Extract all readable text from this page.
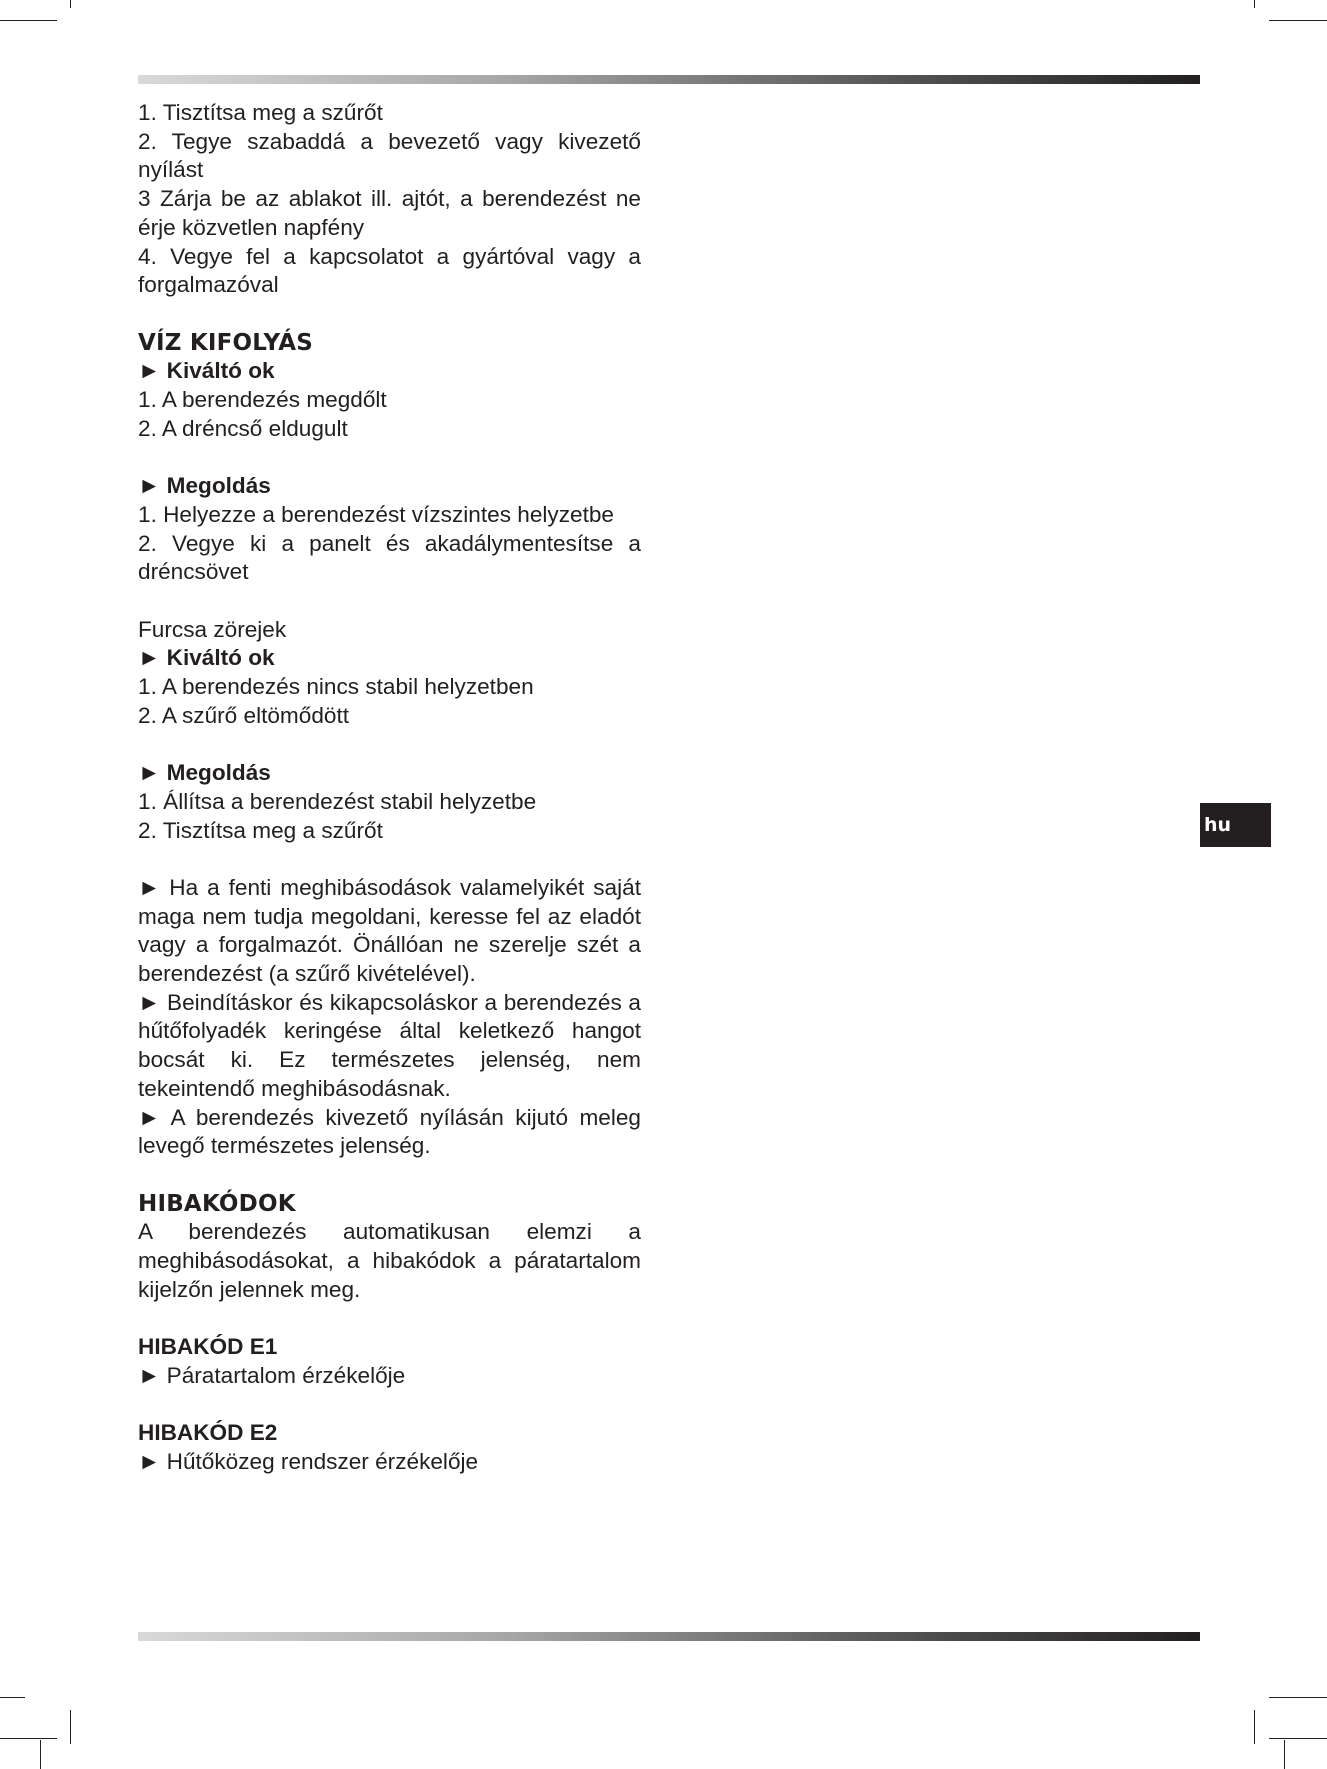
1. Tisztítsa meg a szűrőt

2. Tegye szabaddá a bevezető vagy kivezető nyílást

3 Zárja be az ablakot ill. ajtót, a berendezést ne érje közvetlen napfény

4. Vegye fel a kapcsolatot a gyártóval vagy a forgalmazóval

VÍZ KIFOLYÁS

► Kiváltó ok

1. A berendezés megdőlt

2. A dréncső eldugult

► Megoldás

1. Helyezze a berendezést vízszintes helyzetbe

2. Vegye ki a panelt és akadálymentesítse a dréncsövet

Furcsa zörejek

► Kiváltó ok

1. A berendezés nincs stabil helyzetben

2. A szűrő eltömődött

► Megoldás

1. Állítsa a berendezést stabil helyzetbe

2. Tisztítsa meg a szűrőt

► Ha a fenti meghibásodások valamelyikét saját maga nem tudja megoldani, keresse fel az eladót vagy a forgalmazót. Önállóan ne szerelje szét a berendezést (a szűrő kivételével).

► Beindításkor és kikapcsoláskor a berendezés a hűtőfolyadék keringése által keletkező hangot bocsát ki. Ez természetes jelenség, nem tekeintendő meghibásodásnak.

► A berendezés kivezető nyílásán kijutó meleg levegő természetes jelenség.

HIBAKÓDOK

A berendezés automatikusan elemzi a meghibásodásokat, a hibakódok a páratartalom kijelzőn jelennek meg.

HIBAKÓD E1

► Páratartalom érzékelője

HIBAKÓD E2

► Hűtőközeg rendszer érzékelője

hu
